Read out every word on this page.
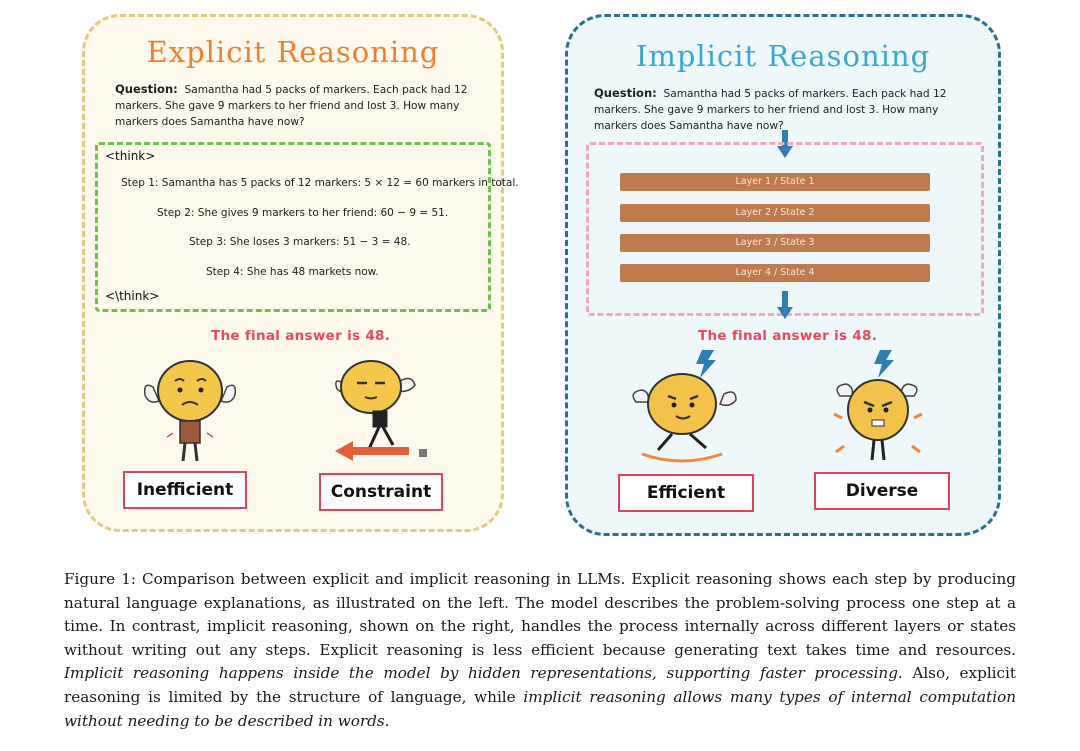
Explicit Reasoning
Question: Samantha had 5 packs of markers. Each pack had 12 markers. She gave 9 markers to her friend and lost 3. How many markers does Samantha have now?
<think>
Step 1: Samantha has 5 packs of 12 markers: 5 × 12 = 60 markers in total.
Step 2: She gives 9 markers to her friend: 60 − 9 = 51.
Step 3: She loses 3 markers: 51 − 3 = 48.
Step 4: She has 48 markets now.
<\think>
The final answer is 48.
Inefficient	Constraint
Implicit Reasoning
Question: Samantha had 5 packs of markers. Each pack had 12 markers. She gave 9 markers to her friend and lost 3. How many markers does Samantha have now?
Layer 1 / State 1
Layer 2 / State 2
Layer 3 / State 3
Layer 4 / State 4
The final answer is 48.
Efficient	Diverse

Figure 1: Comparison between explicit and implicit reasoning in LLMs. Explicit reasoning shows each step by producing natural language explanations, as illustrated on the left. The model describes the problem-solving process one step at a time. In contrast, implicit reasoning, shown on the right, handles the process internally across different layers or states without writing out any steps. Explicit reasoning is less efficient because generating text takes time and resources. Implicit reasoning happens inside the model by hidden representations, supporting faster processing. Also, explicit reasoning is limited by the structure of language, while implicit reasoning allows many types of internal computation without needing to be described in words.
